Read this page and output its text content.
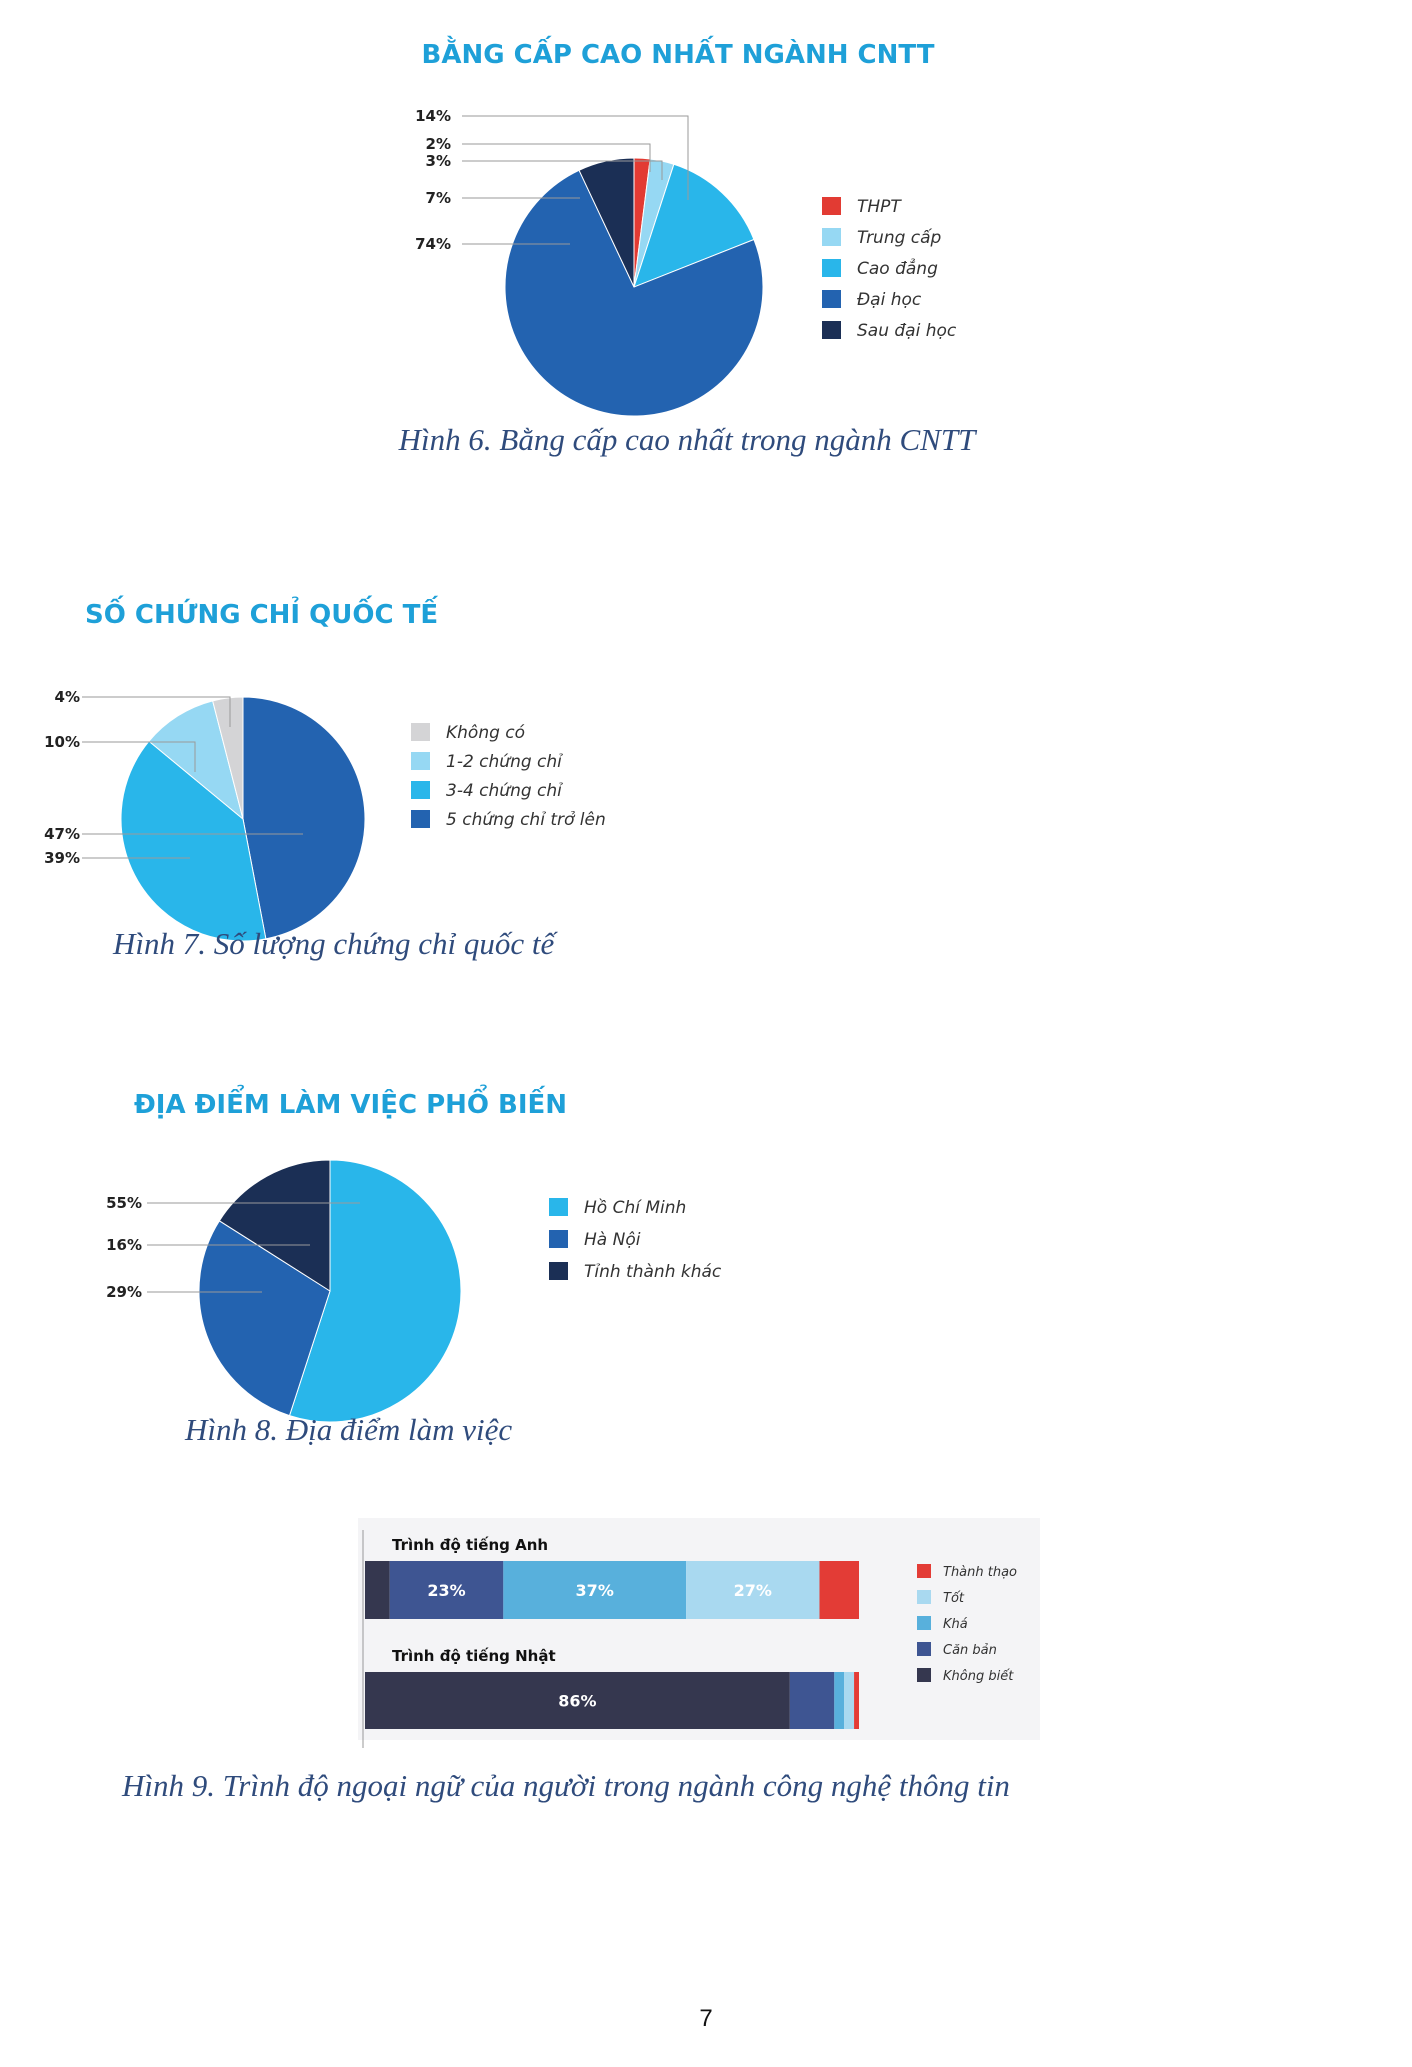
BẰNG CẤP CAO NHẤT NGÀNH CNTT
14%
2%
3%
7%
74%
THPT
Trung cấp
Cao đẳng
Đại học
Sau đại học
Hình 6. Bằng cấp cao nhất trong ngành CNTT
SỐ CHỨNG CHỈ QUỐC TẾ
4%
10%
47%
39%
Không có
1-2 chứng chỉ
3-4 chứng chỉ
5 chứng chỉ trở lên
Hình 7. Số lượng chứng chỉ quốc tế
ĐỊA ĐIỂM LÀM VIỆC PHỔ BIẾN
55%
16%
29%
Hồ Chí Minh
Hà Nội
Tỉnh thành khác
Hình 8. Địa điểm làm việc
Trình độ tiếng Anh
23%	37%	27%
Trình độ tiếng Nhật
86%
Thành thạo
Tốt
Khá
Căn bản
Không biết
Hình 9. Trình độ ngoại ngữ của người trong ngành công nghệ thông tin
7
